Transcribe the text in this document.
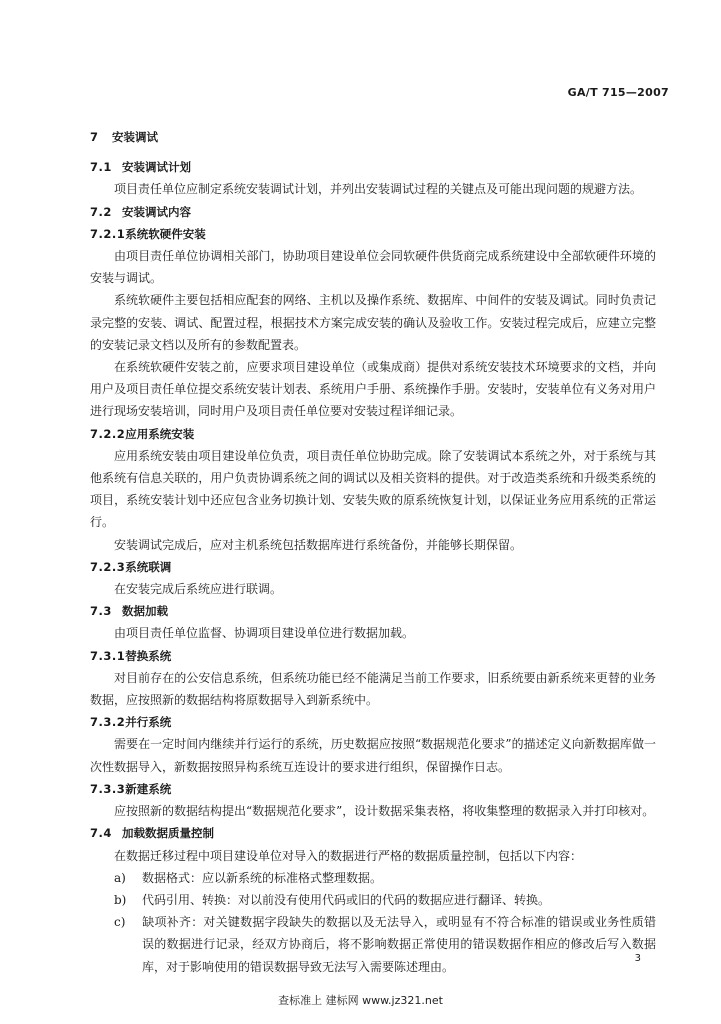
GA/T 715—2007
7 安装调试
7.1 安装调试计划

项目责任单位应制定系统安装调试计划，并列出安装调试过程的关键点及可能出现问题的规避方法。

7.2 安装调试内容
7.2.1系统软硬件安装

由项目责任单位协调相关部门，协助项目建设单位会同软硬件供货商完成系统建设中全部软硬件环境的安装与调试。

系统软硬件主要包括相应配套的网络、主机以及操作系统、数据库、中间件的安装及调试。同时负责记录完整的安装、调试、配置过程，根据技术方案完成安装的确认及验收工作。安装过程完成后，应建立完整的安装记录文档以及所有的参数配置表。

在系统软硬件安装之前，应要求项目建设单位（或集成商）提供对系统安装技术环境要求的文档，并向用户及项目责任单位提交系统安装计划表、系统用户手册、系统操作手册。安装时，安装单位有义务对用户进行现场安装培训，同时用户及项目责任单位要对安装过程详细记录。

7.2.2应用系统安装

应用系统安装由项目建设单位负责，项目责任单位协助完成。除了安装调试本系统之外，对于系统与其他系统有信息关联的，用户负责协调系统之间的调试以及相关资料的提供。对于改造类系统和升级类系统的项目，系统安装计划中还应包含业务切换计划、安装失败的原系统恢复计划，以保证业务应用系统的正常运行。

安装调试完成后，应对主机系统包括数据库进行系统备份，并能够长期保留。

7.2.3系统联调

在安装完成后系统应进行联调。

7.3 数据加载

由项目责任单位监督、协调项目建设单位进行数据加载。

7.3.1替换系统

对目前存在的公安信息系统，但系统功能已经不能满足当前工作要求，旧系统要由新系统来更替的业务数据，应按照新的数据结构将原数据导入到新系统中。

7.3.2并行系统

需要在一定时间内继续并行运行的系统，历史数据应按照“数据规范化要求”的描述定义向新数据库做一次性数据导入，新数据按照异构系统互连设计的要求进行组织，保留操作日志。

7.3.3新建系统

应按照新的数据结构提出“数据规范化要求”，设计数据采集表格，将收集整理的数据录入并打印核对。

7.4 加载数据质量控制

在数据迁移过程中项目建设单位对导入的数据进行严格的数据质量控制，包括以下内容：

a) 数据格式：应以新系统的标准格式整理数据。

b) 代码引用、转换：对以前没有使用代码或旧的代码的数据应进行翻译、转换。

c) 缺项补齐：对关键数据字段缺失的数据以及无法导入，或明显有不符合标准的错误或业务性质错误的数据进行记录，经双方协商后，将不影响数据正常使用的错误数据作相应的修改后写入数据库，对于影响使用的错误数据导致无法写入需要陈述理由。

3
查标准上 建标网 www.jz321.net
